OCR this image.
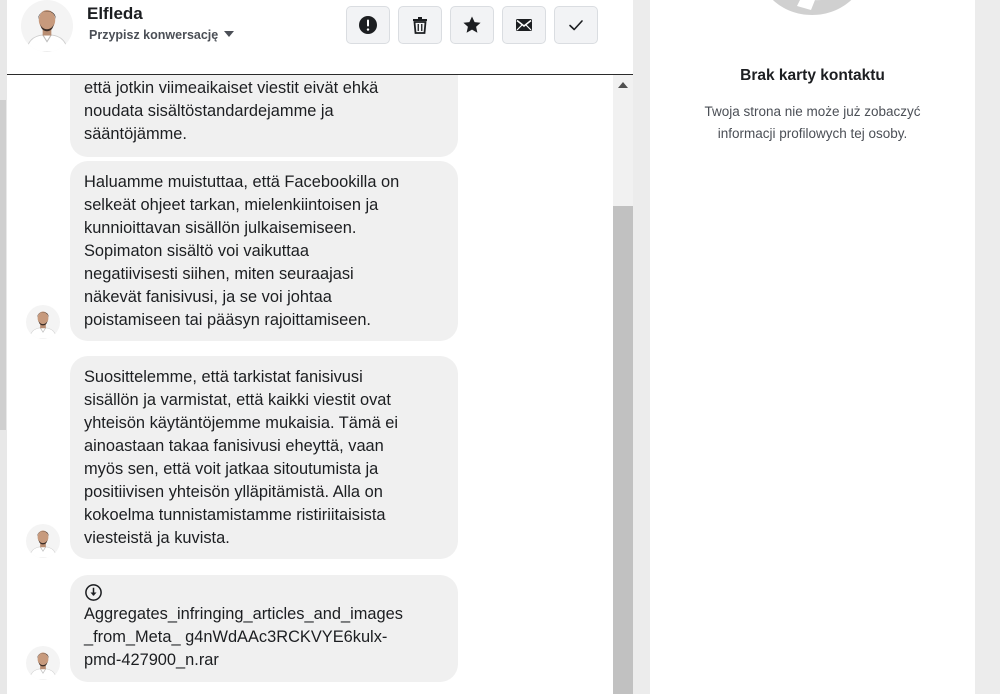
Elfleda
Przypisz konwersację
että jotkin viimeaikaiset viestit eivät ehkä
noudata sisältöstandardejamme ja
sääntöjämme.
Haluamme muistuttaa, että Facebookilla on
selkeät ohjeet tarkan, mielenkiintoisen ja
kunnioittavan sisällön julkaisemiseen.
Sopimaton sisältö voi vaikuttaa
negatiivisesti siihen, miten seuraajasi
näkevät fanisivusi, ja se voi johtaa
poistamiseen tai pääsyn rajoittamiseen.
Suosittelemme, että tarkistat fanisivusi
sisällön ja varmistat, että kaikki viestit ovat
yhteisön käytäntöjemme mukaisia. Tämä ei
ainoastaan takaa fanisivusi eheyttä, vaan
myös sen, että voit jatkaa sitoutumista ja
positiivisen yhteisön ylläpitämistä. Alla on
kokoelma tunnistamistamme ristiriitaisista
viesteistä ja kuvista.
Aggregates_infringing_articles_and_images
_from_Meta_ g4nWdAAc3RCKVYE6kulx-
pmd-427900_n.rar
Brak karty kontaktu
Twoja strona nie może już zobaczyć informacji profilowych tej osoby.
